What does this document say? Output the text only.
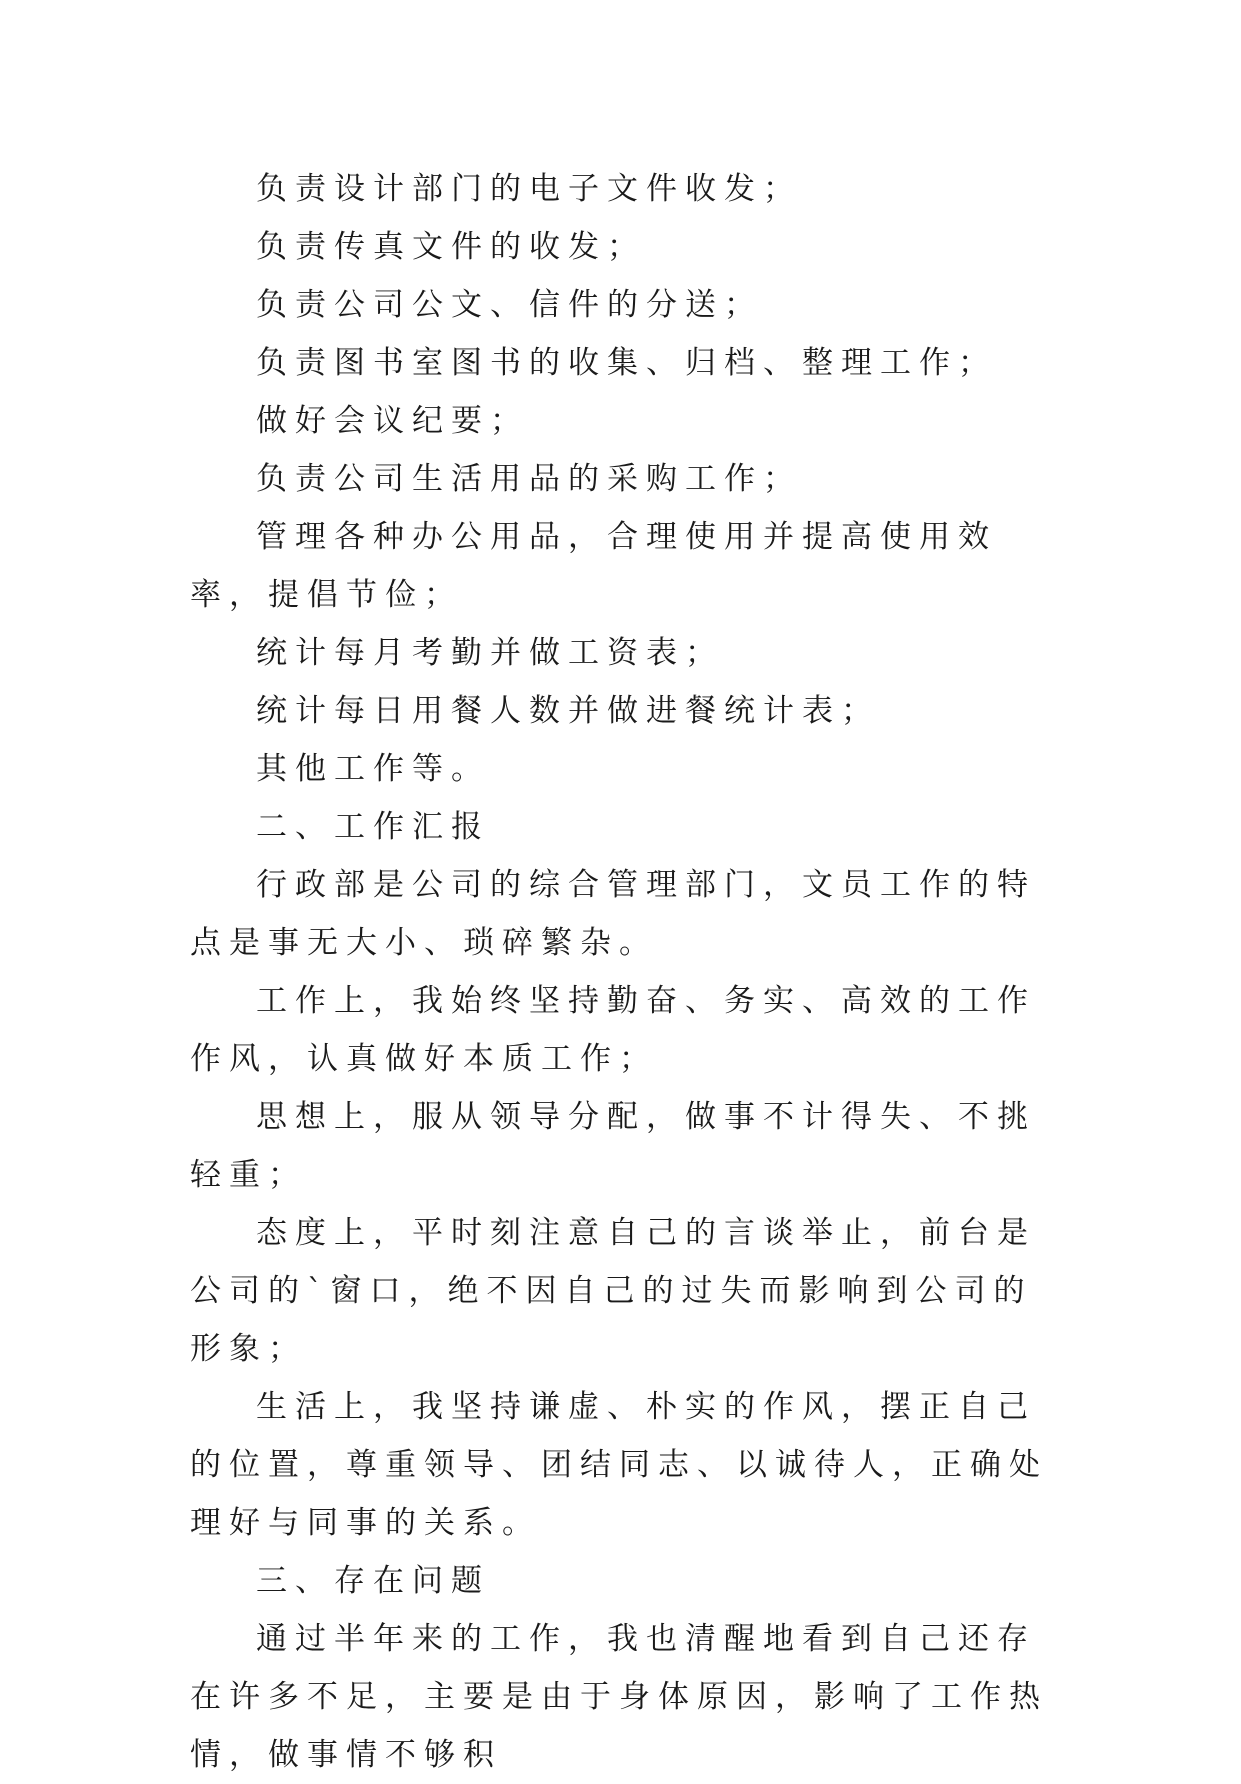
负责设计部门的电子文件收发；

负责传真文件的收发；

负责公司公文、信件的分送；

负责图书室图书的收集、归档、整理工作；

做好会议纪要；

负责公司生活用品的采购工作；

管理各种办公用品，合理使用并提高使用效率，提倡节俭；

统计每月考勤并做工资表；

统计每日用餐人数并做进餐统计表；

其他工作等。

二、工作汇报

行政部是公司的综合管理部门，文员工作的特点是事无大小、琐碎繁杂。

工作上，我始终坚持勤奋、务实、高效的工作作风，认真做好本质工作；

思想上，服从领导分配，做事不计得失、不挑轻重；

态度上，平时刻注意自己的言谈举止，前台是公司的`窗口，绝不因自己的过失而影响到公司的形象；

生活上，我坚持谦虚、朴实的作风，摆正自己的位置，尊重领导、团结同志、以诚待人，正确处理好与同事的关系。

三、存在问题

通过半年来的工作，我也清醒地看到自己还存在许多不足，主要是由于身体原因，影响了工作热情，做事情不够积
